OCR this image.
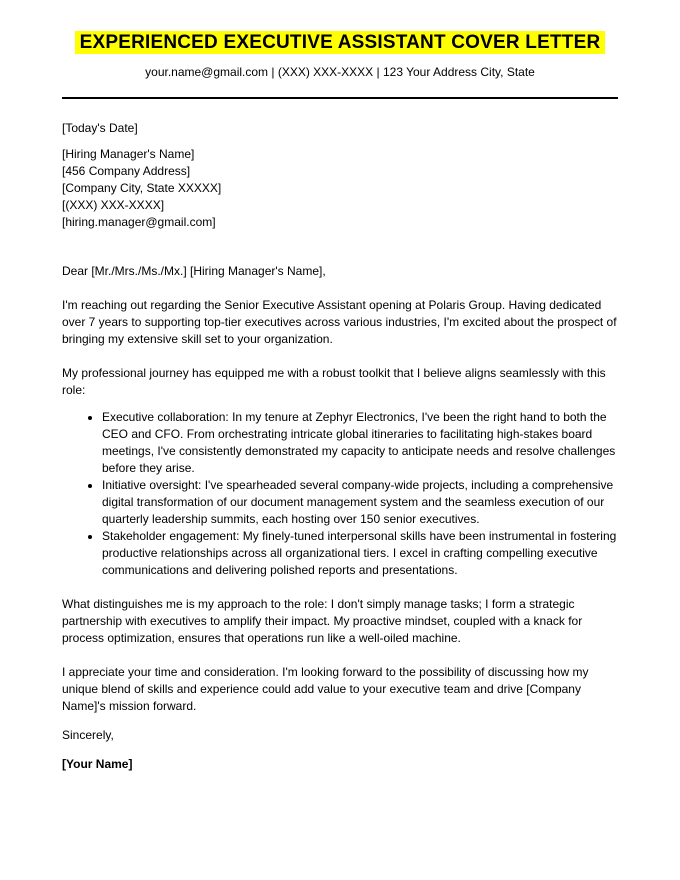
EXPERIENCED EXECUTIVE ASSISTANT COVER LETTER
your.name@gmail.com | (XXX) XXX-XXXX | 123 Your Address City, State

[Today's Date]

[Hiring Manager's Name]
[456 Company Address]
[Company City, State XXXXX]
[(XXX) XXX-XXXX]
[hiring.manager@gmail.com]

Dear [Mr./Mrs./Ms./Mx.] [Hiring Manager's Name],

I'm reaching out regarding the Senior Executive Assistant opening at Polaris Group. Having dedicated over 7 years to supporting top-tier executives across various industries, I'm excited about the prospect of bringing my extensive skill set to your organization.

My professional journey has equipped me with a robust toolkit that I believe aligns seamlessly with this role:

• Executive collaboration: In my tenure at Zephyr Electronics, I've been the right hand to both the CEO and CFO. From orchestrating intricate global itineraries to facilitating high-stakes board meetings, I've consistently demonstrated my capacity to anticipate needs and resolve challenges before they arise.
• Initiative oversight: I've spearheaded several company-wide projects, including a comprehensive digital transformation of our document management system and the seamless execution of our quarterly leadership summits, each hosting over 150 senior executives.
• Stakeholder engagement: My finely-tuned interpersonal skills have been instrumental in fostering productive relationships across all organizational tiers. I excel in crafting compelling executive communications and delivering polished reports and presentations.

What distinguishes me is my approach to the role: I don't simply manage tasks; I form a strategic partnership with executives to amplify their impact. My proactive mindset, coupled with a knack for process optimization, ensures that operations run like a well-oiled machine.

I appreciate your time and consideration. I'm looking forward to the possibility of discussing how my unique blend of skills and experience could add value to your executive team and drive [Company Name]'s mission forward.

Sincerely,

[Your Name]
